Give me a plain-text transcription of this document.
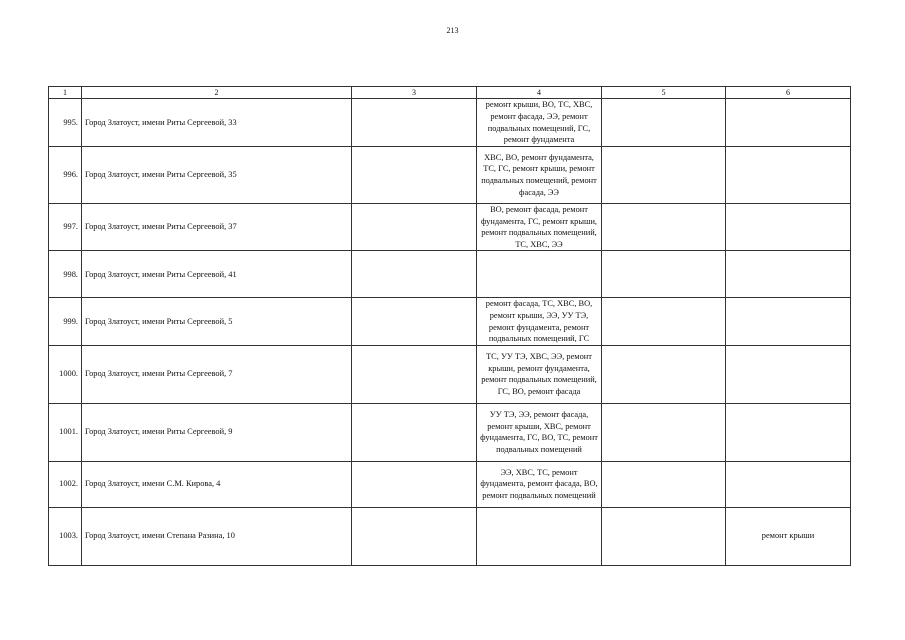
213
1	2	3	4	5	6
995.	Город Златоуст, имени Риты Сергеевой, 33		ремонт крыши, ВО, ТС, ХВС, ремонт фасада, ЭЭ, ремонт подвальных помещений, ГС, ремонт фундамента		
996.	Город Златоуст, имени Риты Сергеевой, 35		ХВС, ВО, ремонт фундамента, ТС, ГС, ремонт крыши, ремонт подвальных помещений, ремонт фасада, ЭЭ		
997.	Город Златоуст, имени Риты Сергеевой, 37		ВО, ремонт фасада, ремонт фундамента, ГС, ремонт крыши, ремонт подвальных помещений, ТС, ХВС, ЭЭ		
998.	Город Златоуст, имени Риты Сергеевой, 41				
999.	Город Златоуст, имени Риты Сергеевой, 5		ремонт фасада, ТС, ХВС, ВО, ремонт крыши, ЭЭ, УУ ТЭ, ремонт фундамента, ремонт подвальных помещений, ГС		
1000.	Город Златоуст, имени Риты Сергеевой, 7		ТС, УУ ТЭ, ХВС, ЭЭ, ремонт крыши, ремонт фундамента, ремонт подвальных помещений, ГС, ВО, ремонт фасада		
1001.	Город Златоуст, имени Риты Сергеевой, 9		УУ ТЭ, ЭЭ, ремонт фасада, ремонт крыши, ХВС, ремонт фундамента, ГС, ВО, ТС, ремонт подвальных помещений		
1002.	Город Златоуст, имени С.М. Кирова, 4		ЭЭ, ХВС, ТС, ремонт фундамента, ремонт фасада, ВО, ремонт подвальных помещений		
1003.	Город Златоуст, имени Степана Разина, 10				ремонт крыши
